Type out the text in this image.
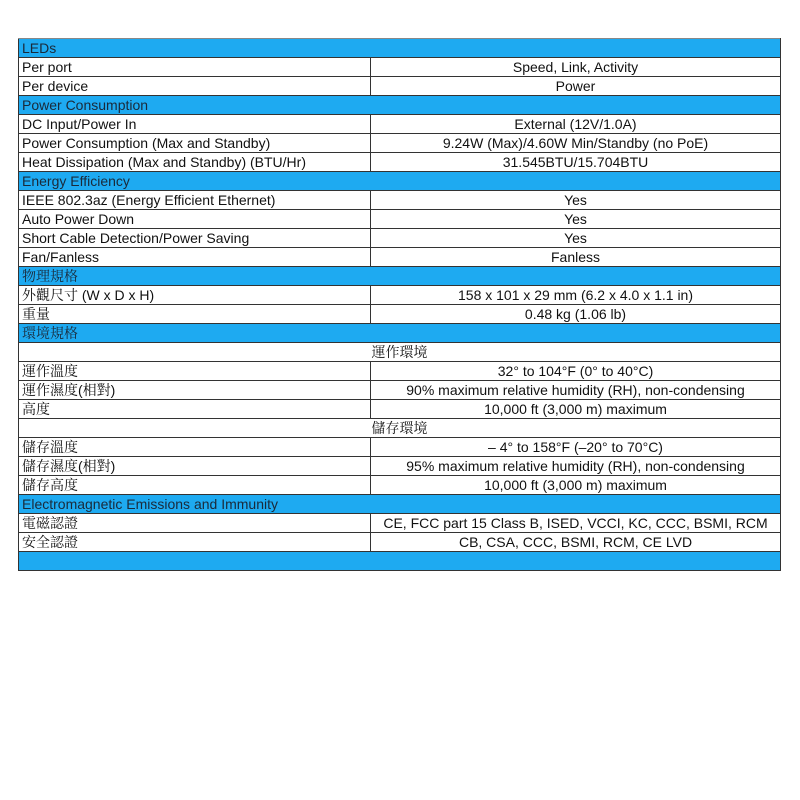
LEDs	
Per port	Speed, Link, Activity
Per device	Power
Power Consumption	
DC Input/Power In	External (12V/1.0A)
Power Consumption (Max and Standby)	9.24W (Max)/4.60W Min/Standby (no PoE)
Heat Dissipation (Max and Standby) (BTU/Hr)	31.545BTU/15.704BTU
Energy Efficiency	
IEEE 802.3az (Energy Efficient Ethernet)	Yes
Auto Power Down	Yes
Short Cable Detection/Power Saving	Yes
Fan/Fanless	Fanless
物理規格	
外觀尺寸 (W x D x H)	158 x 101 x 29 mm (6.2 x 4.0 x 1.1 in)
重量	0.48 kg (1.06 lb)
環境規格	
運作環境	
運作溫度	32° to 104°F (0° to 40°C)
運作濕度(相對)	90% maximum relative humidity (RH), non-condensing
高度	10,000 ft (3,000 m) maximum
儲存環境	
儲存溫度	– 4° to 158°F (–20° to 70°C)
儲存濕度(相對)	95% maximum relative humidity (RH), non-condensing
儲存高度	10,000 ft (3,000 m) maximum
Electromagnetic Emissions and Immunity	
電磁認證	CE, FCC part 15 Class B, ISED, VCCI, KC, CCC, BSMI, RCM
安全認證	CB, CSA, CCC, BSMI, RCM, CE LVD
